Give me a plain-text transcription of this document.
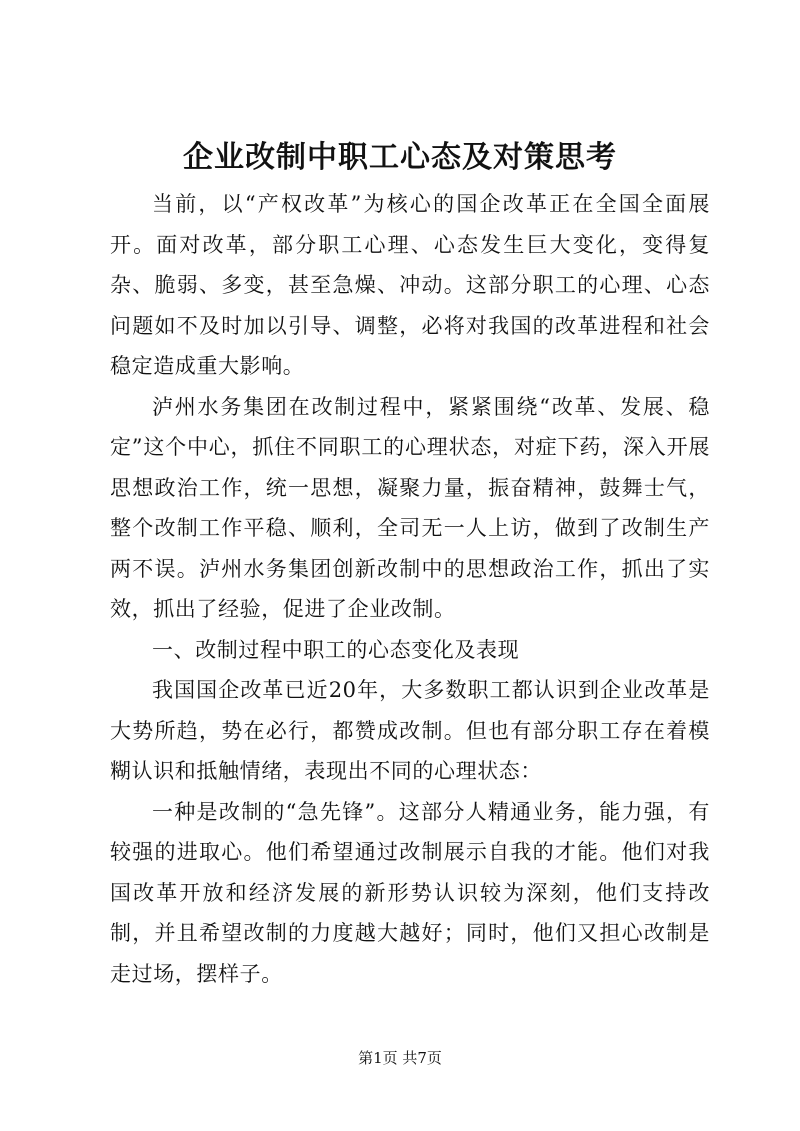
企业改制中职工心态及对策思考

当前，以“产权改革”为核心的国企改革正在全国全面展开。面对改革，部分职工心理、心态发生巨大变化，变得复杂、脆弱、多变，甚至急燥、冲动。这部分职工的心理、心态问题如不及时加以引导、调整，必将对我国的改革进程和社会稳定造成重大影响。

泸州水务集团在改制过程中，紧紧围绕“改革、发展、稳定”这个中心，抓住不同职工的心理状态，对症下药，深入开展思想政治工作，统一思想，凝聚力量，振奋精神，鼓舞士气，整个改制工作平稳、顺利，全司无一人上访，做到了改制生产两不误。泸州水务集团创新改制中的思想政治工作，抓出了实效，抓出了经验，促进了企业改制。

一、改制过程中职工的心态变化及表现

我国国企改革已近20年，大多数职工都认识到企业改革是大势所趋，势在必行，都赞成改制。但也有部分职工存在着模糊认识和抵触情绪，表现出不同的心理状态：

一种是改制的“急先锋”。这部分人精通业务，能力强，有较强的进取心。他们希望通过改制展示自我的才能。他们对我国改革开放和经济发展的新形势认识较为深刻，他们支持改制，并且希望改制的力度越大越好；同时，他们又担心改制是走过场，摆样子。

第1页 共7页
